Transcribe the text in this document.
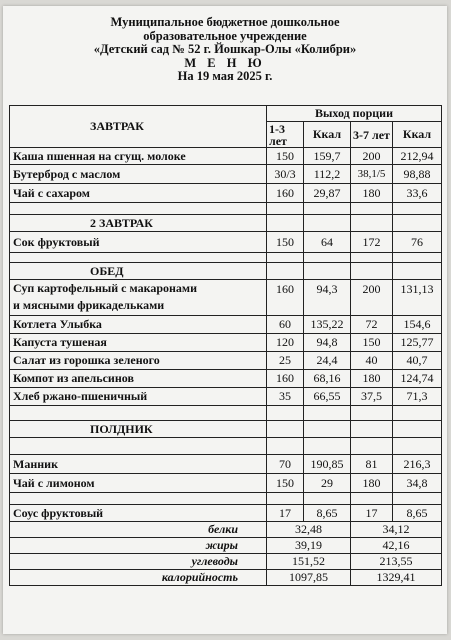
Муниципальное бюджетное дошкольное
образовательное учреждение
«Детский сад № 52 г. Йошкар-Олы «Колибри»
М Е Н Ю
На 19 мая 2025 г.
ЗАВТРАК	Выход порции			
	1-3 лет	Ккал	3-7 лет	Ккал
Каша пшенная на сгущ. молоке	150	159,7	200	212,94
Бутерброд с маслом	30/3	112,2	38,1/5	98,88
Чай с сахаром	160	29,87	180	33,6

2 ЗАВТРАК				
Сок фруктовый	150	64	172	76

ОБЕД				

Суп картофельный с макаронами
и мясными фрикадельками	160	94,3	200	131,13
Котлета Улыбка	60	135,22	72	154,6
Капуста тушеная	120	94,8	150	125,77
Салат из горошка зеленого	25	24,4	40	40,7
Компот из апельсинов	160	68,16	180	124,74
Хлеб ржано-пшеничный	35	66,55	37,5	71,3

ПОЛДНИК				

Манник	70	190,85	81	216,3
Чай с лимоном	150	29	180	34,8

Соус фруктовый	17	8,65	17	8,65
белки	32,48		34,12	
жиры	39,19		42,16	
углеводы	151,52		213,55	
калорийность	1097,85		1329,41	
